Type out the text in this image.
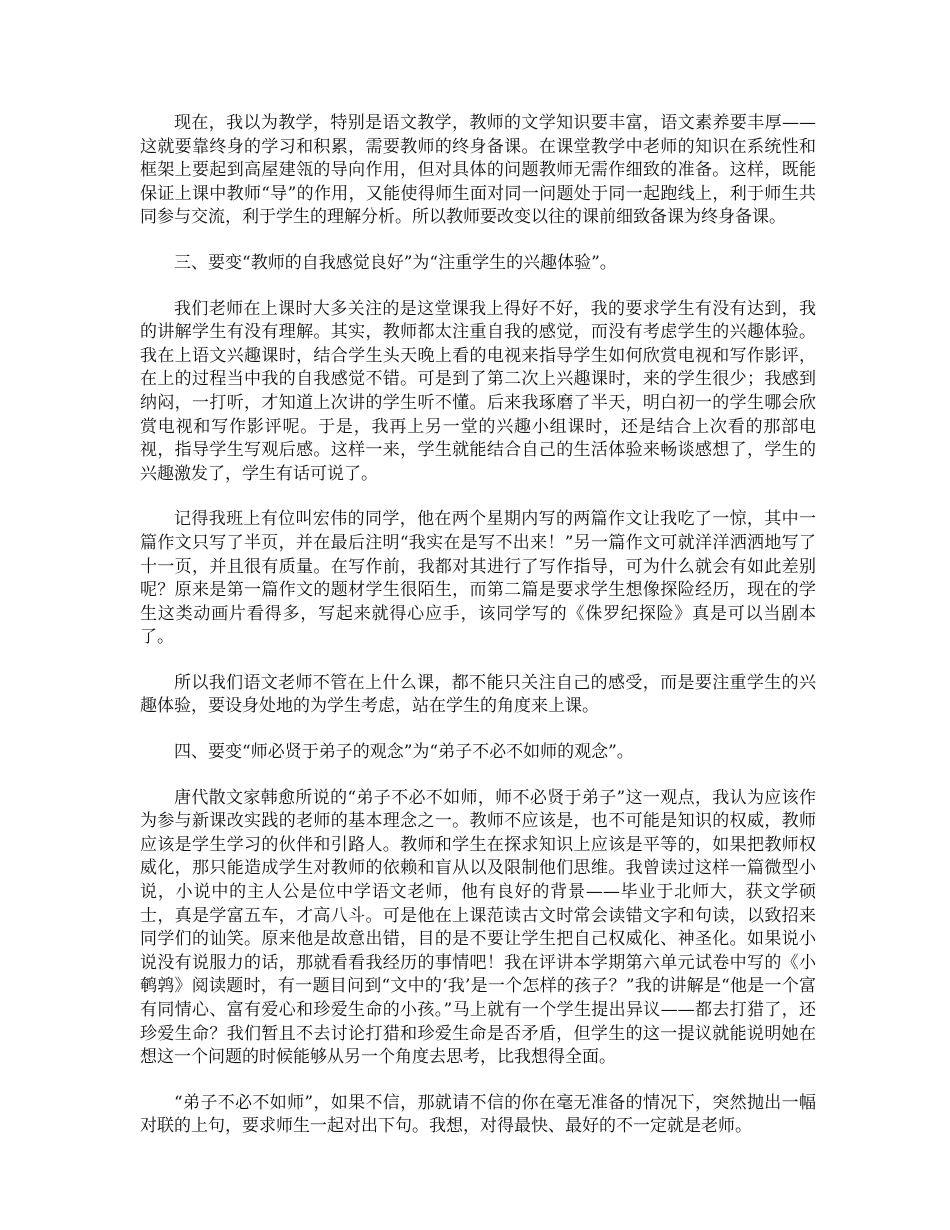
现在，我以为教学，特别是语文教学，教师的文学知识要丰富，语文素养要丰厚——这就要靠终身的学习和积累，需要教师的终身备课。在课堂教学中老师的知识在系统性和框架上要起到高屋建瓴的导向作用，但对具体的问题教师无需作细致的准备。这样，既能保证上课中教师“导”的作用，又能使得师生面对同一问题处于同一起跑线上，利于师生共同参与交流，利于学生的理解分析。所以教师要改变以往的课前细致备课为终身备课。

三、要变“教师的自我感觉良好”为“注重学生的兴趣体验”。

我们老师在上课时大多关注的是这堂课我上得好不好，我的要求学生有没有达到，我的讲解学生有没有理解。其实，教师都太注重自我的感觉，而没有考虑学生的兴趣体验。我在上语文兴趣课时，结合学生头天晚上看的电视来指导学生如何欣赏电视和写作影评，在上的过程当中我的自我感觉不错。可是到了第二次上兴趣课时，来的学生很少；我感到纳闷，一打听，才知道上次讲的学生听不懂。后来我琢磨了半天，明白初一的学生哪会欣赏电视和写作影评呢。于是，我再上另一堂的兴趣小组课时，还是结合上次看的那部电视，指导学生写观后感。这样一来，学生就能结合自己的生活体验来畅谈感想了，学生的兴趣激发了，学生有话可说了。

记得我班上有位叫宏伟的同学，他在两个星期内写的两篇作文让我吃了一惊，其中一篇作文只写了半页，并在最后注明“我实在是写不出来！”另一篇作文可就洋洋洒洒地写了十一页，并且很有质量。在写作前，我都对其进行了写作指导，可为什么就会有如此差别呢？原来是第一篇作文的题材学生很陌生，而第二篇是要求学生想像探险经历，现在的学生这类动画片看得多，写起来就得心应手，该同学写的《侏罗纪探险》真是可以当剧本了。

所以我们语文老师不管在上什么课，都不能只关注自己的感受，而是要注重学生的兴趣体验，要设身处地的为学生考虑，站在学生的角度来上课。

四、要变“师必贤于弟子的观念”为“弟子不必不如师的观念”。

唐代散文家韩愈所说的“弟子不必不如师，师不必贤于弟子”这一观点，我认为应该作为参与新课改实践的老师的基本理念之一。教师不应该是，也不可能是知识的权威，教师应该是学生学习的伙伴和引路人。教师和学生在探求知识上应该是平等的，如果把教师权威化，那只能造成学生对教师的依赖和盲从以及限制他们思维。我曾读过这样一篇微型小说，小说中的主人公是位中学语文老师，他有良好的背景——毕业于北师大，获文学硕士，真是学富五车，才高八斗。可是他在上课范读古文时常会读错文字和句读，以致招来同学们的讪笑。原来他是故意出错，目的是不要让学生把自己权威化、神圣化。如果说小说没有说服力的话，那就看看我经历的事情吧！我在评讲本学期第六单元试卷中写的《小鹌鹑》阅读题时，有一题目问到“文中的‘我’是一个怎样的孩子？”我的讲解是“他是一个富有同情心、富有爱心和珍爱生命的小孩。”马上就有一个学生提出异议——都去打猎了，还珍爱生命？我们暂且不去讨论打猎和珍爱生命是否矛盾，但学生的这一提议就能说明她在想这一个问题的时候能够从另一个角度去思考，比我想得全面。

“弟子不必不如师”，如果不信，那就请不信的你在毫无准备的情况下，突然抛出一幅对联的上句，要求师生一起对出下句。我想，对得最快、最好的不一定就是老师。
